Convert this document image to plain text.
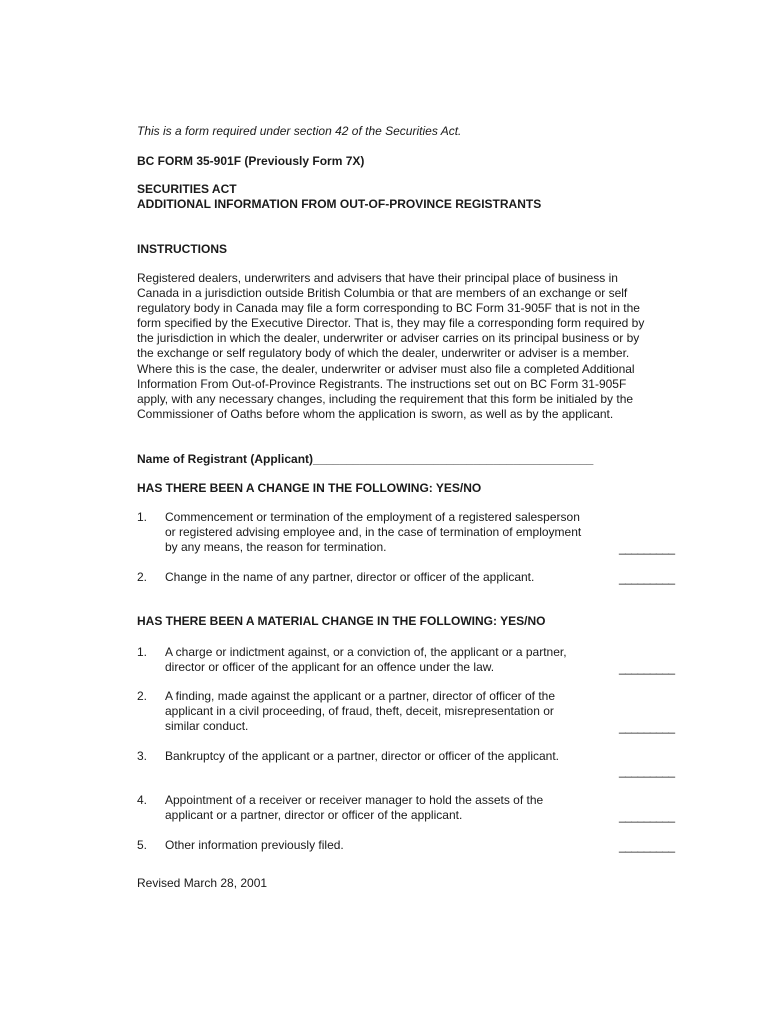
This is a form required under section 42 of the Securities Act.
BC FORM 35-901F (Previously Form 7X)
SECURITIES ACT
ADDITIONAL INFORMATION FROM OUT-OF-PROVINCE REGISTRANTS
INSTRUCTIONS
Registered dealers, underwriters and advisers that have their principal place of business in
Canada in a jurisdiction outside British Columbia or that are members of an exchange or self
regulatory body in Canada may file a form corresponding to BC Form 31-905F that is not in the
form specified by the Executive Director. That is, they may file a corresponding form required by
the jurisdiction in which the dealer, underwriter or adviser carries on its principal business or by
the exchange or self regulatory body of which the dealer, underwriter or adviser is a member.
Where this is the case, the dealer, underwriter or adviser must also file a completed Additional
Information From Out-of-Province Registrants. The instructions set out on BC Form 31-905F
apply, with any necessary changes, including the requirement that this form be initialed by the
Commissioner of Oaths before whom the application is sworn, as well as by the applicant.
Name of Registrant (Applicant)__________________________________________
HAS THERE BEEN A CHANGE IN THE FOLLOWING: YES/NO
1. Commencement or termination of the employment of a registered salesperson
or registered advising employee and, in the case of termination of employment
by any means, the reason for termination.	_________
2. Change in the name of any partner, director or officer of the applicant.	_________
HAS THERE BEEN A MATERIAL CHANGE IN THE FOLLOWING: YES/NO
1. A charge or indictment against, or a conviction of, the applicant or a partner,
director or officer of the applicant for an offence under the law.	_________
2. A finding, made against the applicant or a partner, director of officer of the
applicant in a civil proceeding, of fraud, theft, deceit, misrepresentation or
similar conduct.	_________
3. Bankruptcy of the applicant or a partner, director or officer of the applicant.
_________
4. Appointment of a receiver or receiver manager to hold the assets of the
applicant or a partner, director or officer of the applicant.	_________
5. Other information previously filed.	_________
Revised March 28, 2001
